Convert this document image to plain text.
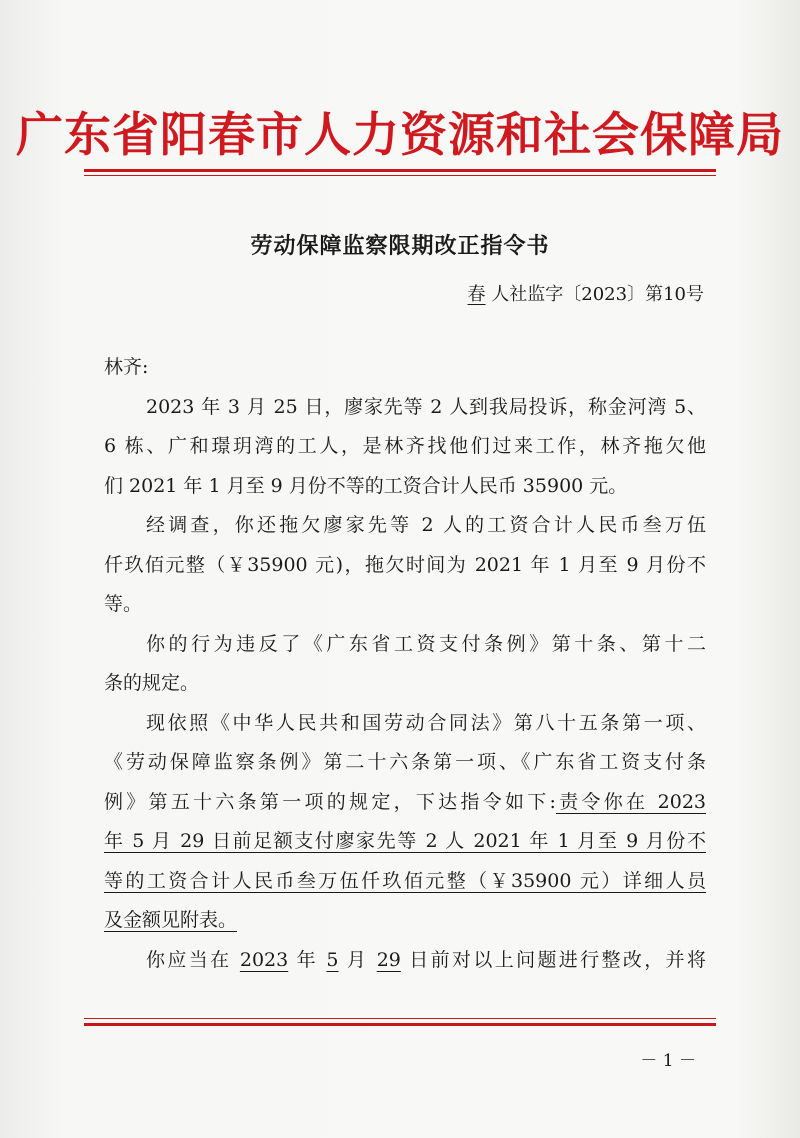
广东省阳春市人力资源和社会保障局
劳动保障监察限期改正指令书
春 人社监字〔2023〕第10号
林齐:
2023 年 3 月 25 日，廖家先等 2 人到我局投诉，称金河湾 5、
6 栋、广和璟玥湾的工人，是林齐找他们过来工作，林齐拖欠他
们 2021 年 1 月至 9 月份不等的工资合计人民币 35900 元。
经调查，你还拖欠廖家先等 2 人的工资合计人民币叁万伍
仟玖佰元整（￥35900 元)，拖欠时间为 2021 年 1 月至 9 月份不
等。
你的行为违反了《广东省工资支付条例》第十条、第十二
条的规定。
现依照《中华人民共和国劳动合同法》第八十五条第一项、
《劳动保障监察条例》第二十六条第一项、《广东省工资支付条
例》第五十六条第一项的规定，下达指令如下:责令你在 2023
年 5 月 29 日前足额支付廖家先等 2 人 2021 年 1 月至 9 月份不
等的工资合计人民币叁万伍仟玖佰元整（￥35900 元）详细人员
及金额见附表。
你应当在 2023 年 5 月 29 日前对以上问题进行整改，并将
－ 1 －
